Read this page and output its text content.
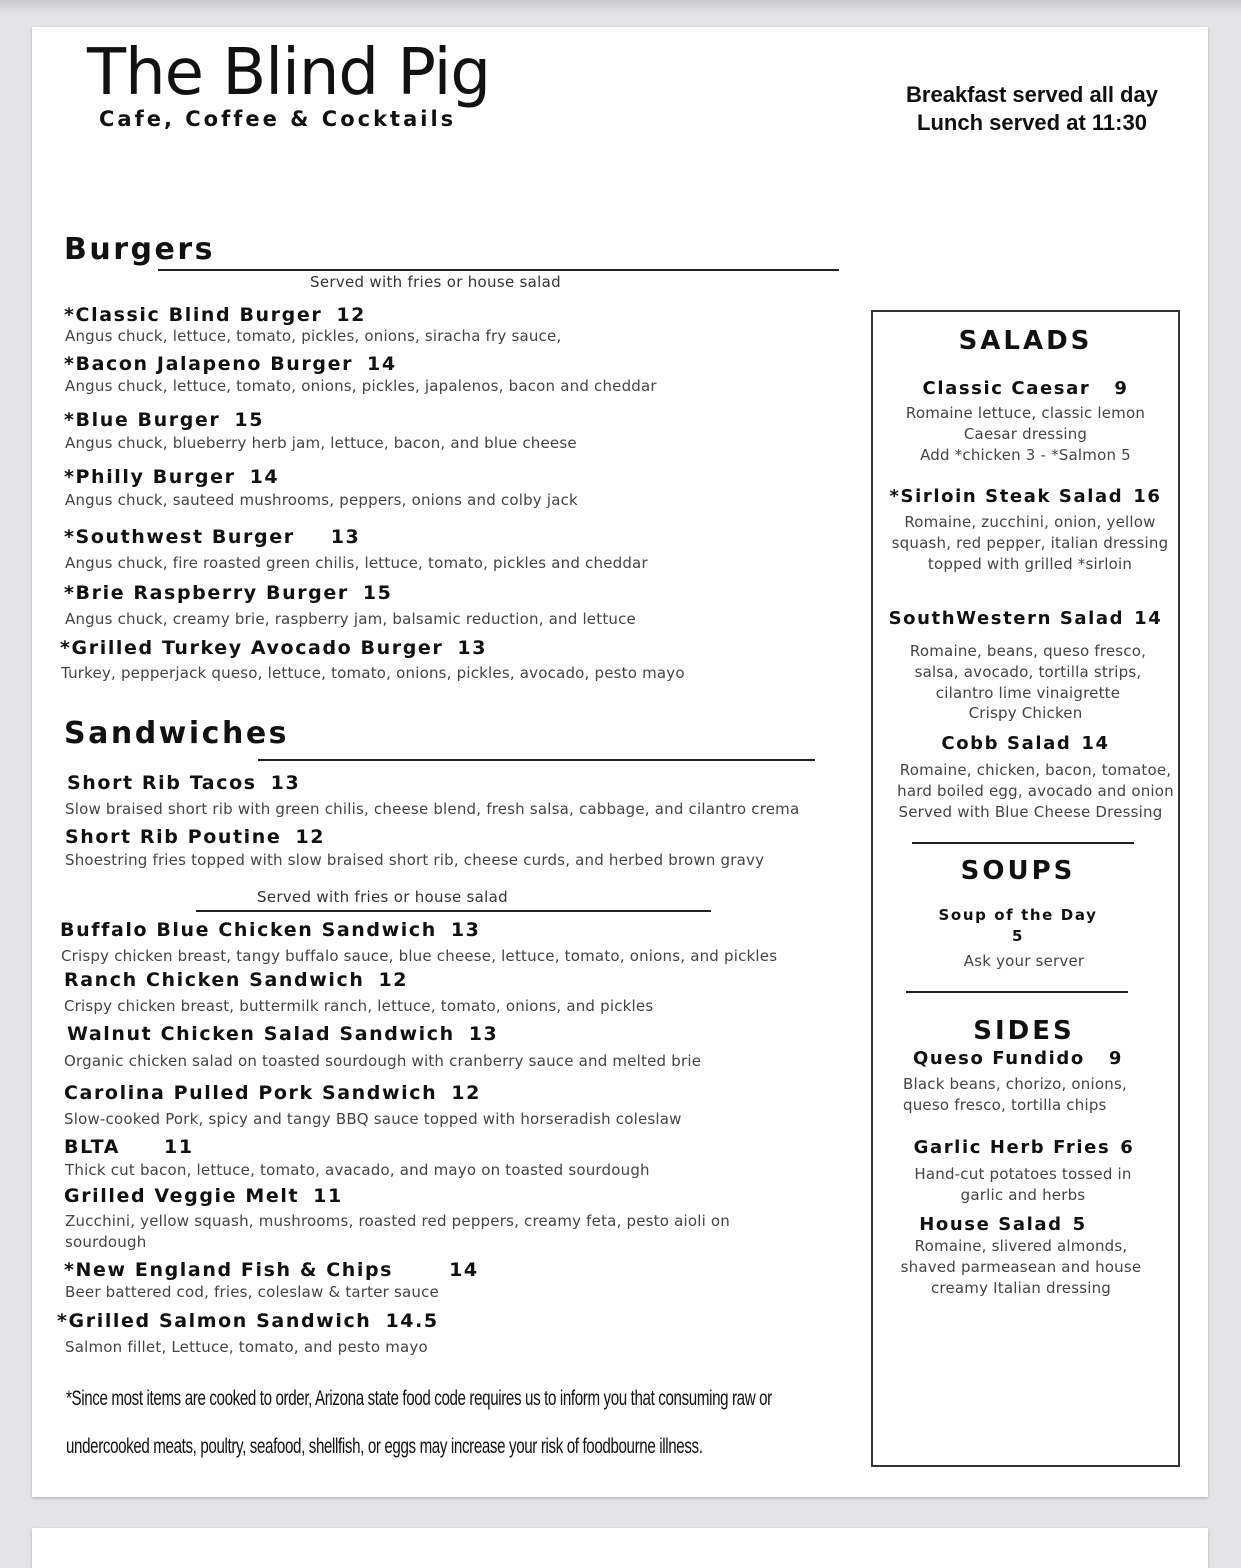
The Blind Pig
Cafe, Coffee & Cocktails
Breakfast served all day
Lunch served at 11:30
Burgers
Served with fries or house salad
*Classic Blind Burger 12
Angus chuck, lettuce, tomato, pickles, onions, siracha fry sauce,
*Bacon Jalapeno Burger 14
Angus chuck, lettuce, tomato, onions, pickles, japalenos, bacon and cheddar
*Blue Burger 15
Angus chuck, blueberry herb jam, lettuce, bacon, and blue cheese
*Philly Burger 14
Angus chuck, sauteed mushrooms, peppers, onions and colby jack
*Southwest Burger 13
Angus chuck, fire roasted green chilis, lettuce, tomato, pickles and cheddar
*Brie Raspberry Burger 15
Angus chuck, creamy brie, raspberry jam, balsamic reduction, and lettuce
*Grilled Turkey Avocado Burger 13
Turkey, pepperjack queso, lettuce, tomato, onions, pickles, avocado, pesto mayo
Sandwiches
Short Rib Tacos 13
Slow braised short rib with green chilis, cheese blend, fresh salsa, cabbage, and cilantro crema
Short Rib Poutine 12
Shoestring fries topped with slow braised short rib, cheese curds, and herbed brown gravy
Served with fries or house salad
Buffalo Blue Chicken Sandwich 13
Crispy chicken breast, tangy buffalo sauce, blue cheese, lettuce, tomato, onions, and pickles
Ranch Chicken Sandwich 12
Crispy chicken breast, buttermilk ranch, lettuce, tomato, onions, and pickles
Walnut Chicken Salad Sandwich 13
Organic chicken salad on toasted sourdough with cranberry sauce and melted brie
Carolina Pulled Pork Sandwich 12
Slow-cooked Pork, spicy and tangy BBQ sauce topped with horseradish coleslaw
BLTA 11
Thick cut bacon, lettuce, tomato, avacado, and mayo on toasted sourdough
Grilled Veggie Melt 11
Zucchini, yellow squash, mushrooms, roasted red peppers, creamy feta, pesto aioli on sourdough
*New England Fish & Chips	14
Beer battered cod, fries, coleslaw & tarter sauce
*Grilled Salmon Sandwich 14.5
Salmon fillet, Lettuce, tomato, and pesto mayo
*Since most items are cooked to order, Arizona state food code requires us to inform you that consuming raw or undercooked meats, poultry, seafood, shellfish, or eggs may increase your risk of foodbourne illness.
SALADS
Classic Caesar 9
Romaine lettuce, classic lemon Caesar dressing
Add *chicken 3 - *Salmon 5
*Sirloin Steak Salad 16
Romaine, zucchini, onion, yellow squash, red pepper, italian dressing topped with grilled *sirloin
SouthWestern Salad 14
Romaine, beans, queso fresco, salsa, avocado, tortilla strips, cilantro lime vinaigrette
Crispy Chicken
Cobb Salad 14
Romaine, chicken, bacon, tomatoe, hard boiled egg, avocado and onion
Served with Blue Cheese Dressing
SOUPS
Soup of the Day
5
Ask your server
SIDES
Queso Fundido 9
Black beans, chorizo, onions, queso fresco, tortilla chips
Garlic Herb Fries 6
Hand-cut potatoes tossed in garlic and herbs
House Salad 5
Romaine, slivered almonds, shaved parmeasean and house creamy Italian dressing
